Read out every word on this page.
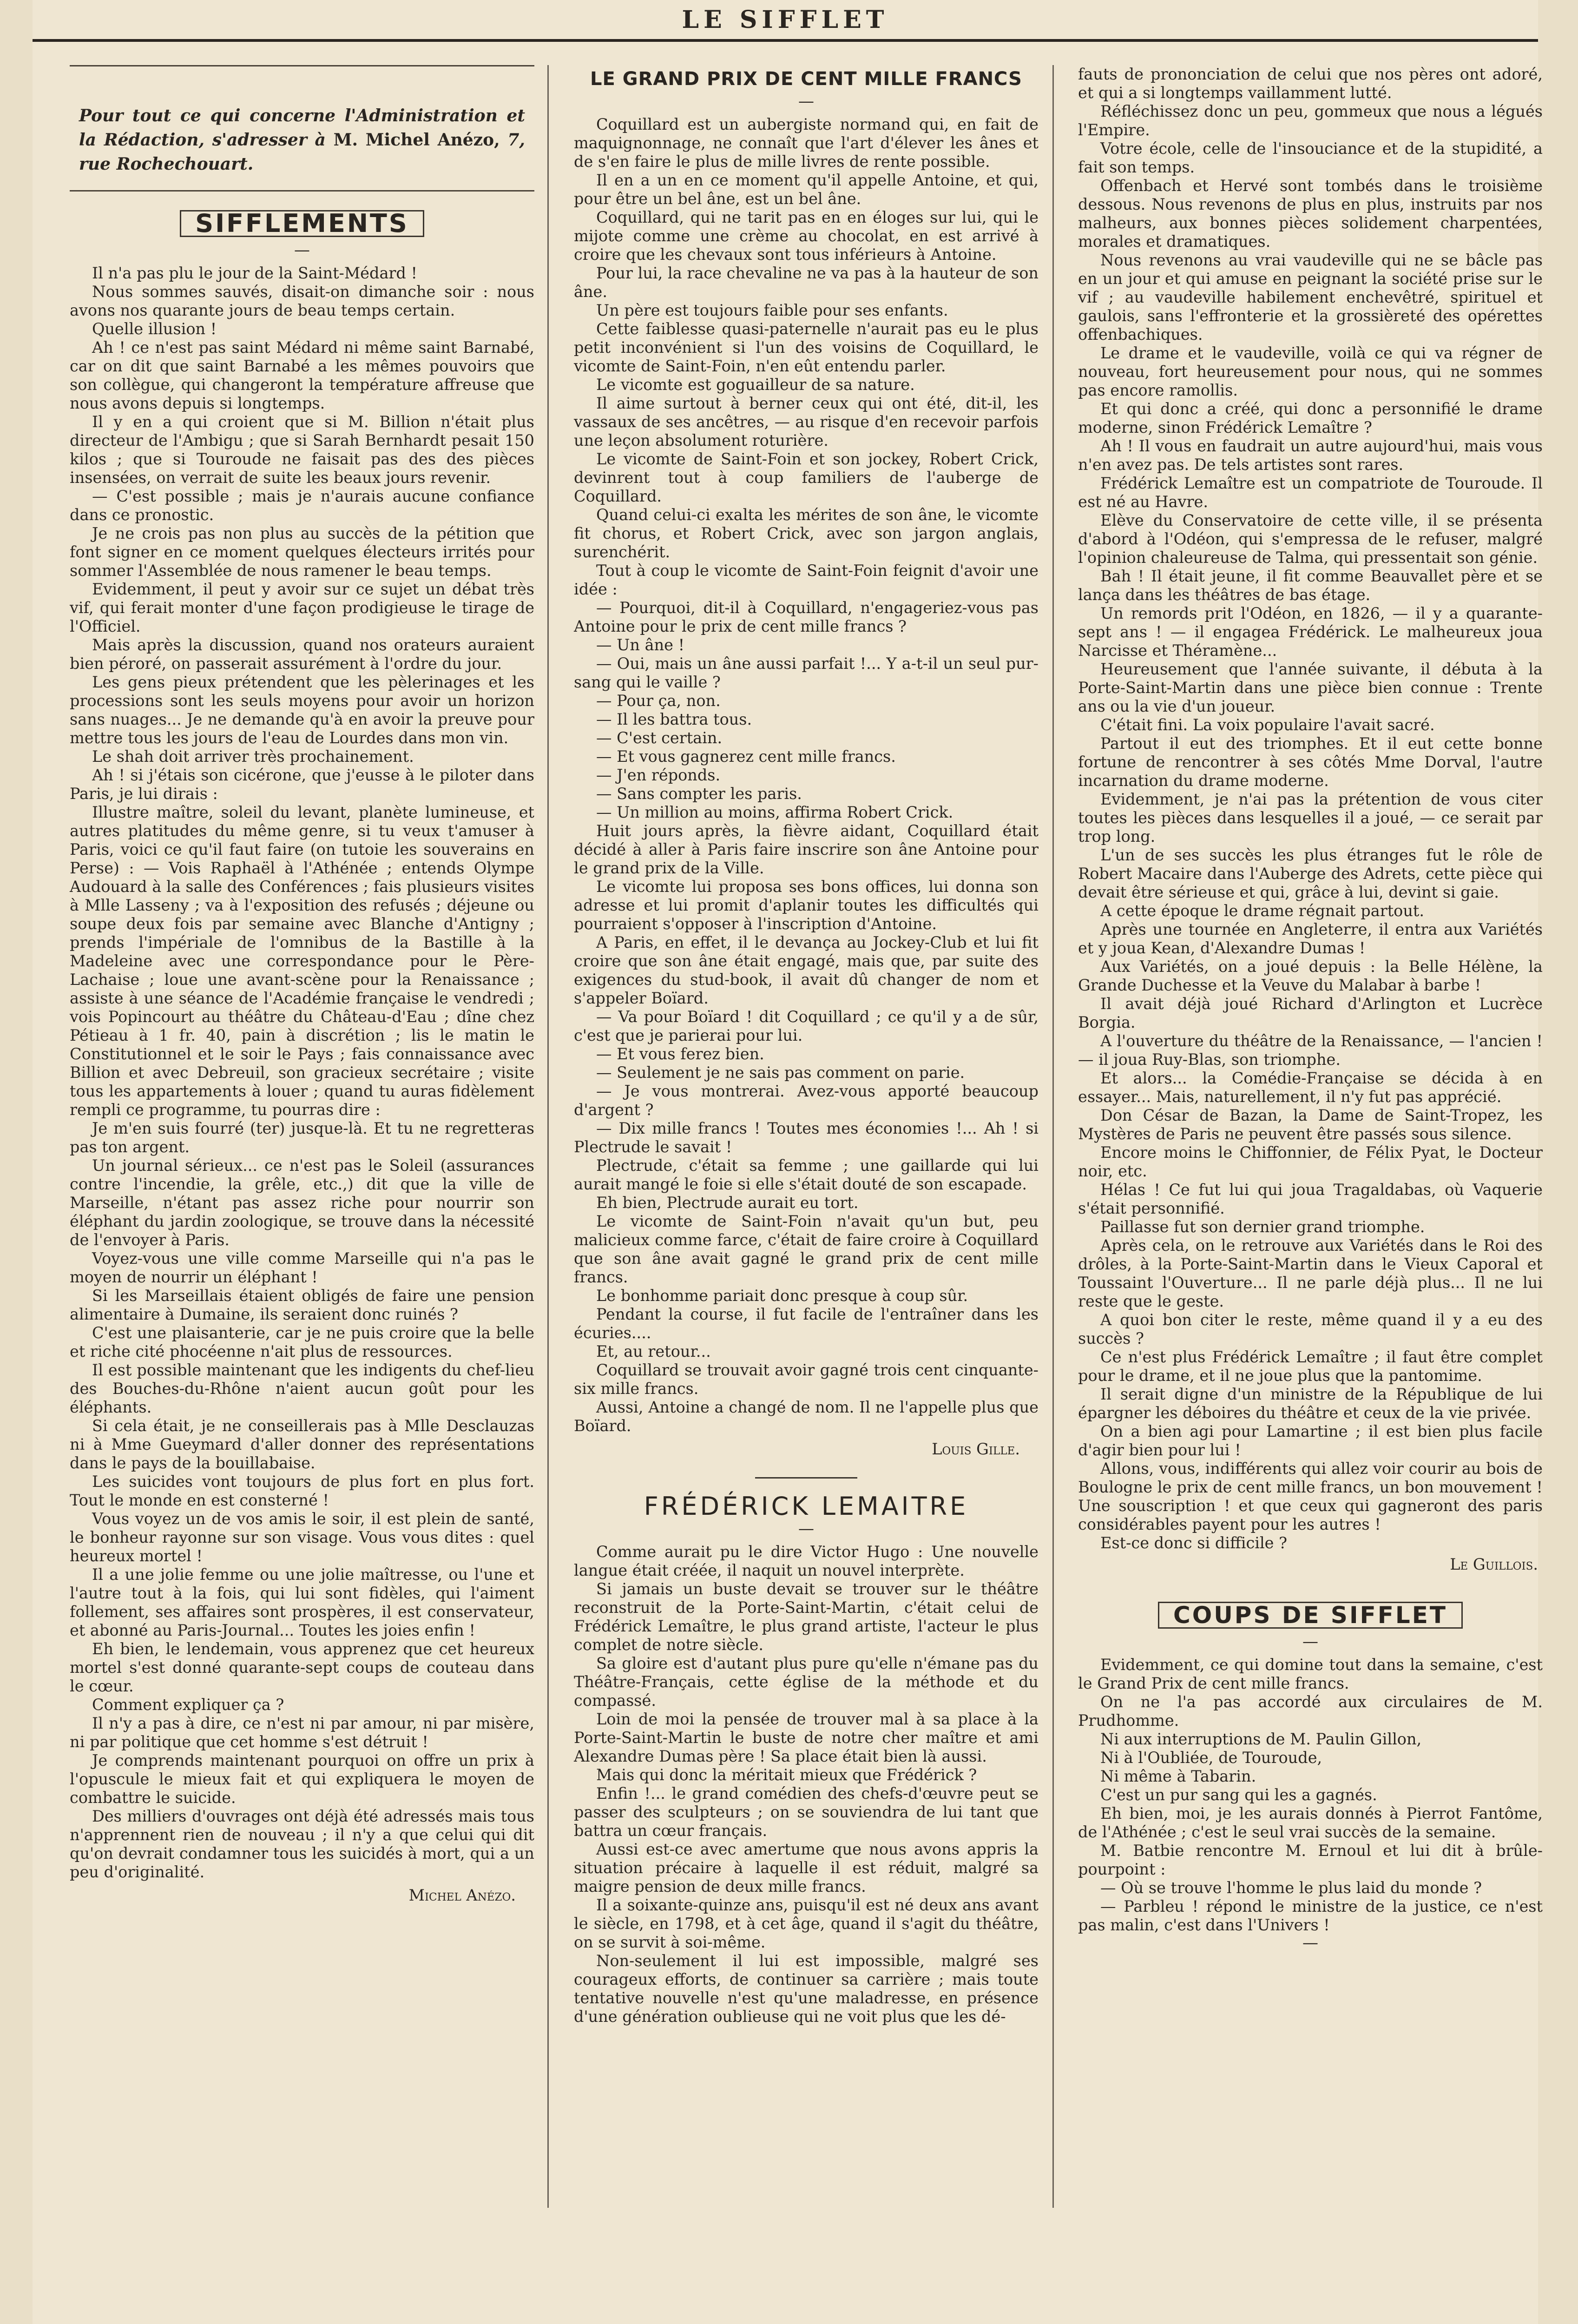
LE SIFFLET
Pour tout ce qui concerne l'Administration et la Rédaction, s'adresser à M. Michel Anézo, 7, rue Rochechouart.
SIFFLEMENTS
—

Il n'a pas plu le jour de la Saint-Médard !

Nous sommes sauvés, disait-on dimanche soir : nous avons nos quarante jours de beau temps certain.

Quelle illusion !

Ah ! ce n'est pas saint Médard ni même saint Barnabé, car on dit que saint Barnabé a les mêmes pouvoirs que son collègue, qui changeront la température affreuse que nous avons depuis si longtemps.

Il y en a qui croient que si M. Billion n'était plus directeur de l'Ambigu ; que si Sarah Bernhardt pesait 150 kilos ; que si Touroude ne faisait pas des des pièces insensées, on verrait de suite les beaux jours revenir.

— C'est possible ; mais je n'aurais aucune confiance dans ce pronostic.

Je ne crois pas non plus au succès de la pétition que font signer en ce moment quelques électeurs irrités pour sommer l'Assemblée de nous ramener le beau temps.

Evidemment, il peut y avoir sur ce sujet un débat très vif, qui ferait monter d'une façon prodigieuse le tirage de l'Officiel.

Mais après la discussion, quand nos orateurs auraient bien péroré, on passerait assurément à l'ordre du jour.

Les gens pieux prétendent que les pèlerinages et les processions sont les seuls moyens pour avoir un horizon sans nuages... Je ne demande qu'à en avoir la preuve pour mettre tous les jours de l'eau de Lourdes dans mon vin.

Le shah doit arriver très prochainement.

Ah ! si j'étais son cicérone, que j'eusse à le piloter dans Paris, je lui dirais :

Illustre maître, soleil du levant, planète lumineuse, et autres platitudes du même genre, si tu veux t'amuser à Paris, voici ce qu'il faut faire (on tutoie les souverains en Perse) : — Vois Raphaël à l'Athénée ; entends Olympe Audouard à la salle des Conférences ; fais plusieurs visites à Mlle Lasseny ; va à l'exposition des refusés ; déjeune ou soupe deux fois par semaine avec Blanche d'Antigny ; prends l'impériale de l'omnibus de la Bastille à la Madeleine avec une correspondance pour le Père-Lachaise ; loue une avant-scène pour la Renaissance ; assiste à une séance de l'Académie française le vendredi ; vois Popincourt au théâtre du Château-d'Eau ; dîne chez Pétieau à 1 fr. 40, pain à discrétion ; lis le matin le Constitutionnel et le soir le Pays ; fais connaissance avec Billion et avec Debreuil, son gracieux secrétaire ; visite tous les appartements à louer ; quand tu auras fidèlement rempli ce programme, tu pourras dire :

Je m'en suis fourré (ter) jusque-là. Et tu ne regretteras pas ton argent.

Un journal sérieux... ce n'est pas le Soleil (assurances contre l'incendie, la grêle, etc.,) dit que la ville de Marseille, n'étant pas assez riche pour nourrir son éléphant du jardin zoologique, se trouve dans la nécessité de l'envoyer à Paris.

Voyez-vous une ville comme Marseille qui n'a pas le moyen de nourrir un éléphant !

Si les Marseillais étaient obligés de faire une pension alimentaire à Dumaine, ils seraient donc ruinés ?

C'est une plaisanterie, car je ne puis croire que la belle et riche cité phocéenne n'ait plus de ressources.

Il est possible maintenant que les indigents du chef-lieu des Bouches-du-Rhône n'aient aucun goût pour les éléphants.

Si cela était, je ne conseillerais pas à Mlle Desclauzas ni à Mme Gueymard d'aller donner des représentations dans le pays de la bouillabaise.

Les suicides vont toujours de plus fort en plus fort. Tout le monde en est consterné !

Vous voyez un de vos amis le soir, il est plein de santé, le bonheur rayonne sur son visage. Vous vous dites : quel heureux mortel !

Il a une jolie femme ou une jolie maîtresse, ou l'une et l'autre tout à la fois, qui lui sont fidèles, qui l'aiment follement, ses affaires sont prospères, il est conservateur, et abonné au Paris-Journal... Toutes les joies enfin !

Eh bien, le lendemain, vous apprenez que cet heureux mortel s'est donné quarante-sept coups de couteau dans le cœur.

Comment expliquer ça ?

Il n'y a pas à dire, ce n'est ni par amour, ni par misère, ni par politique que cet homme s'est détruit !

Je comprends maintenant pourquoi on offre un prix à l'opuscule le mieux fait et qui expliquera le moyen de combattre le suicide.

Des milliers d'ouvrages ont déjà été adressés mais tous n'apprennent rien de nouveau ; il n'y a que celui qui dit qu'on devrait condamner tous les suicidés à mort, qui a un peu d'originalité.

Michel Anézo.
LE GRAND PRIX DE CENT MILLE FRANCS
—

Coquillard est un aubergiste normand qui, en fait de maquignonnage, ne connaît que l'art d'élever les ânes et de s'en faire le plus de mille livres de rente possible.

Il en a un en ce moment qu'il appelle Antoine, et qui, pour être un bel âne, est un bel âne.

Coquillard, qui ne tarit pas en en éloges sur lui, qui le mijote comme une crème au chocolat, en est arrivé à croire que les chevaux sont tous inférieurs à Antoine.

Pour lui, la race chevaline ne va pas à la hauteur de son âne.

Un père est toujours faible pour ses enfants.

Cette faiblesse quasi-paternelle n'aurait pas eu le plus petit inconvénient si l'un des voisins de Coquillard, le vicomte de Saint-Foin, n'en eût entendu parler.

Le vicomte est goguailleur de sa nature.

Il aime surtout à berner ceux qui ont été, dit-il, les vassaux de ses ancêtres, — au risque d'en recevoir parfois une leçon absolument roturière.

Le vicomte de Saint-Foin et son jockey, Robert Crick, devinrent tout à coup familiers de l'auberge de Coquillard.

Quand celui-ci exalta les mérites de son âne, le vicomte fit chorus, et Robert Crick, avec son jargon anglais, surenchérit.

Tout à coup le vicomte de Saint-Foin feignit d'avoir une idée :

— Pourquoi, dit-il à Coquillard, n'engageriez-vous pas Antoine pour le prix de cent mille francs ?

— Un âne !

— Oui, mais un âne aussi parfait !... Y a-t-il un seul pur-sang qui le vaille ?

— Pour ça, non.

— Il les battra tous.

— C'est certain.

— Et vous gagnerez cent mille francs.

— J'en réponds.

— Sans compter les paris.

— Un million au moins, affirma Robert Crick.

Huit jours après, la fièvre aidant, Coquillard était décidé à aller à Paris faire inscrire son âne Antoine pour le grand prix de la Ville.

Le vicomte lui proposa ses bons offices, lui donna son adresse et lui promit d'aplanir toutes les difficultés qui pourraient s'opposer à l'inscription d'Antoine.

A Paris, en effet, il le devança au Jockey-Club et lui fit croire que son âne était engagé, mais que, par suite des exigences du stud-book, il avait dû changer de nom et s'appeler Boïard.

— Va pour Boïard ! dit Coquillard ; ce qu'il y a de sûr, c'est que je parierai pour lui.

— Et vous ferez bien.

— Seulement je ne sais pas comment on parie.

— Je vous montrerai. Avez-vous apporté beaucoup d'argent ?

— Dix mille francs ! Toutes mes économies !... Ah ! si Plectrude le savait !

Plectrude, c'était sa femme ; une gaillarde qui lui aurait mangé le foie si elle s'était douté de son escapade.

Eh bien, Plectrude aurait eu tort.

Le vicomte de Saint-Foin n'avait qu'un but, peu malicieux comme farce, c'était de faire croire à Coquillard que son âne avait gagné le grand prix de cent mille francs.

Le bonhomme pariait donc presque à coup sûr.

Pendant la course, il fut facile de l'entraîner dans les écuries....

Et, au retour...

Coquillard se trouvait avoir gagné trois cent cinquante-six mille francs.

Aussi, Antoine a changé de nom. Il ne l'appelle plus que Boïard.

Louis Gille.
FRÉDÉRICK LEMAITRE
—

Comme aurait pu le dire Victor Hugo : Une nouvelle langue était créée, il naquit un nouvel interprète.

Si jamais un buste devait se trouver sur le théâtre reconstruit de la Porte-Saint-Martin, c'était celui de Frédérick Lemaître, le plus grand artiste, l'acteur le plus complet de notre siècle.

Sa gloire est d'autant plus pure qu'elle n'émane pas du Théâtre-Français, cette église de la méthode et du compassé.

Loin de moi la pensée de trouver mal à sa place à la Porte-Saint-Martin le buste de notre cher maître et ami Alexandre Dumas père ! Sa place était bien là aussi.

Mais qui donc la méritait mieux que Frédérick ?

Enfin !... le grand comédien des chefs-d'œuvre peut se passer des sculpteurs ; on se souviendra de lui tant que battra un cœur français.

Aussi est-ce avec amertume que nous avons appris la situation précaire à laquelle il est réduit, malgré sa maigre pension de deux mille francs.

Il a soixante-quinze ans, puisqu'il est né deux ans avant le siècle, en 1798, et à cet âge, quand il s'agit du théâtre, on se survit à soi-même.

Non-seulement il lui est impossible, malgré ses courageux efforts, de continuer sa carrière ; mais toute tentative nouvelle n'est qu'une maladresse, en présence d'une génération oublieuse qui ne voit plus que les dé-

fauts de prononciation de celui que nos pères ont adoré, et qui a si longtemps vaillamment lutté.

Réfléchissez donc un peu, gommeux que nous a légués l'Empire.

Votre école, celle de l'insouciance et de la stupidité, a fait son temps.

Offenbach et Hervé sont tombés dans le troisième dessous. Nous revenons de plus en plus, instruits par nos malheurs, aux bonnes pièces solidement charpentées, morales et dramatiques.

Nous revenons au vrai vaudeville qui ne se bâcle pas en un jour et qui amuse en peignant la société prise sur le vif ; au vaudeville habilement enchevêtré, spirituel et gaulois, sans l'effronterie et la grossièreté des opérettes offenbachiques.

Le drame et le vaudeville, voilà ce qui va régner de nouveau, fort heureusement pour nous, qui ne sommes pas encore ramollis.

Et qui donc a créé, qui donc a personnifié le drame moderne, sinon Frédérick Lemaître ?

Ah ! Il vous en faudrait un autre aujourd'hui, mais vous n'en avez pas. De tels artistes sont rares.

Frédérick Lemaître est un compatriote de Touroude. Il est né au Havre.

Elève du Conservatoire de cette ville, il se présenta d'abord à l'Odéon, qui s'empressa de le refuser, malgré l'opinion chaleureuse de Talma, qui pressentait son génie.

Bah ! Il était jeune, il fit comme Beauvallet père et se lança dans les théâtres de bas étage.

Un remords prit l'Odéon, en 1826, — il y a quarante-sept ans ! — il engagea Frédérick. Le malheureux joua Narcisse et Théramène...

Heureusement que l'année suivante, il débuta à la Porte-Saint-Martin dans une pièce bien connue : Trente ans ou la vie d'un joueur.

C'était fini. La voix populaire l'avait sacré.

Partout il eut des triomphes. Et il eut cette bonne fortune de rencontrer à ses côtés Mme Dorval, l'autre incarnation du drame moderne.

Evidemment, je n'ai pas la prétention de vous citer toutes les pièces dans lesquelles il a joué, — ce serait par trop long.

L'un de ses succès les plus étranges fut le rôle de Robert Macaire dans l'Auberge des Adrets, cette pièce qui devait être sérieuse et qui, grâce à lui, devint si gaie.

A cette époque le drame régnait partout.

Après une tournée en Angleterre, il entra aux Variétés et y joua Kean, d'Alexandre Dumas !

Aux Variétés, on a joué depuis : la Belle Hélène, la Grande Duchesse et la Veuve du Malabar à barbe !

Il avait déjà joué Richard d'Arlington et Lucrèce Borgia.

A l'ouverture du théâtre de la Renaissance, — l'ancien ! — il joua Ruy-Blas, son triomphe.

Et alors... la Comédie-Française se décida à en essayer... Mais, naturellement, il n'y fut pas apprécié.

Don César de Bazan, la Dame de Saint-Tropez, les Mystères de Paris ne peuvent être passés sous silence.

Encore moins le Chiffonnier, de Félix Pyat, le Docteur noir, etc.

Hélas ! Ce fut lui qui joua Tragaldabas, où Vaquerie s'était personnifié.

Paillasse fut son dernier grand triomphe.

Après cela, on le retrouve aux Variétés dans le Roi des drôles, à la Porte-Saint-Martin dans le Vieux Caporal et Toussaint l'Ouverture... Il ne parle déjà plus... Il ne lui reste que le geste.

A quoi bon citer le reste, même quand il y a eu des succès ?

Ce n'est plus Frédérick Lemaître ; il faut être complet pour le drame, et il ne joue plus que la pantomime.

Il serait digne d'un ministre de la République de lui épargner les déboires du théâtre et ceux de la vie privée.

On a bien agi pour Lamartine ; il est bien plus facile d'agir bien pour lui !

Allons, vous, indifférents qui allez voir courir au bois de Boulogne le prix de cent mille francs, un bon mouvement ! Une souscription ! et que ceux qui gagneront des paris considérables payent pour les autres !

Est-ce donc si difficile ?

Le Guillois.
COUPS DE SIFFLET
—

Evidemment, ce qui domine tout dans la semaine, c'est le Grand Prix de cent mille francs.

On ne l'a pas accordé aux circulaires de M. Prudhomme.

Ni aux interruptions de M. Paulin Gillon,

Ni à l'Oubliée, de Touroude,

Ni même à Tabarin.

C'est un pur sang qui les a gagnés.

Eh bien, moi, je les aurais donnés à Pierrot Fantôme, de l'Athénée ; c'est le seul vrai succès de la semaine.

M. Batbie rencontre M. Ernoul et lui dit à brûle-pourpoint :

— Où se trouve l'homme le plus laid du monde ?

— Parbleu ! répond le ministre de la justice, ce n'est pas malin, c'est dans l'Univers !

—
